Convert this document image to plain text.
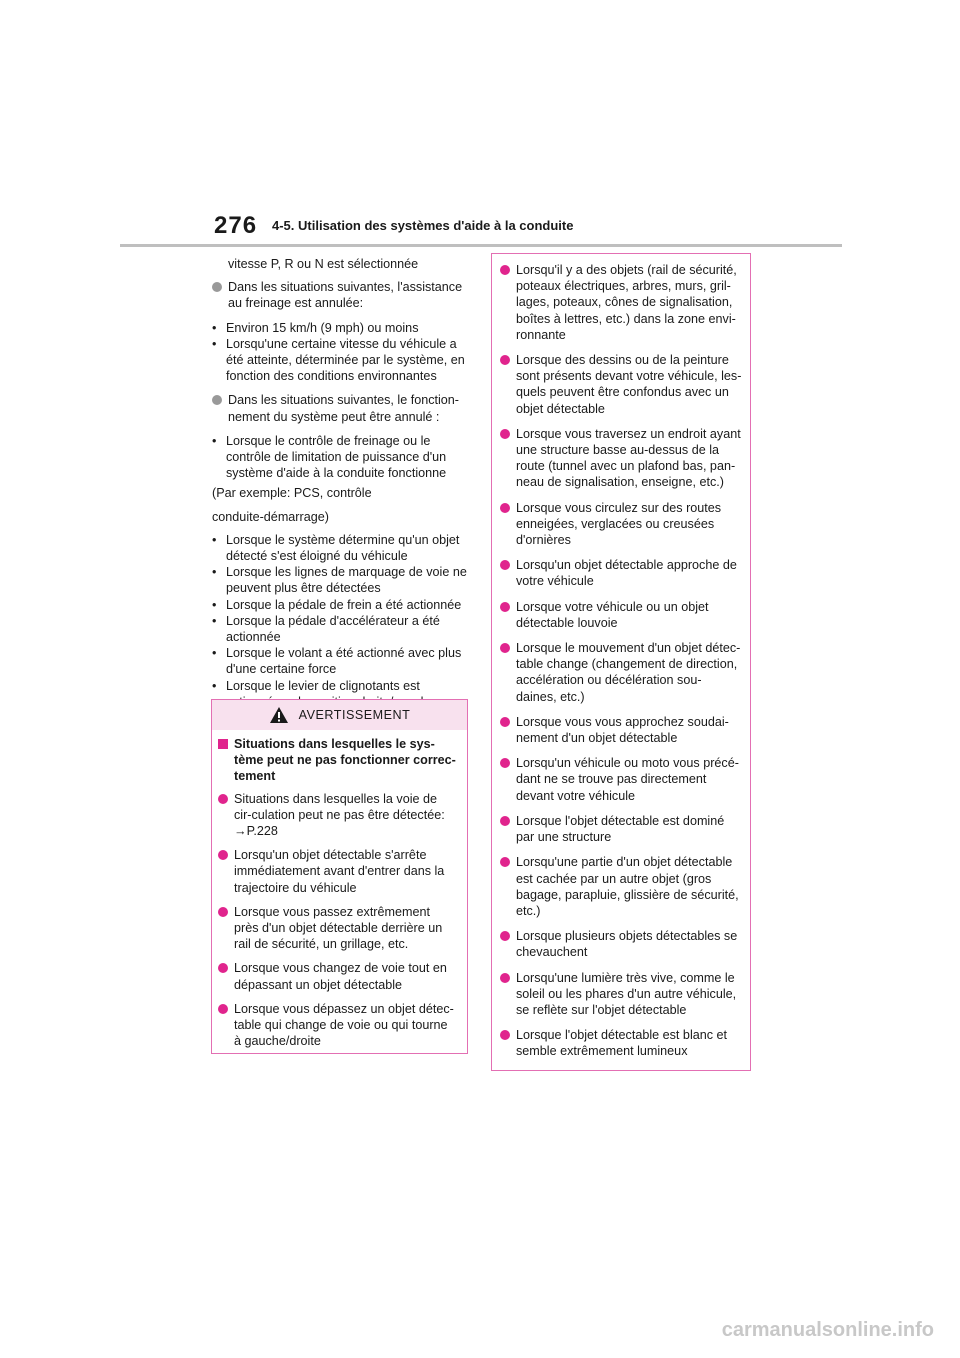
276 4-5. Utilisation des systèmes d'aide à la conduite

vitesse P, R ou N est sélectionnée

Dans les situations suivantes, l'assistance au freinage est annulée:
• Environ 15 km/h (9 mph) ou moins
• Lorsqu'une certaine vitesse du véhicule a été atteinte, déterminée par le système, en fonction des conditions environnantes
Dans les situations suivantes, le fonction-nement du système peut être annulé :
• Lorsque le contrôle de freinage ou le contrôle de limitation de puissance d'un système d'aide à la conduite fonctionne

(Par exemple: PCS, contrôle

conduite-démarrage)

• Lorsque le système détermine qu'un objet détecté s'est éloigné du véhicule
• Lorsque les lignes de marquage de voie ne peuvent plus être détectées
• Lorsque la pédale de frein a été actionnée
• Lorsque la pédale d'accélérateur a été actionnée
• Lorsque le volant a été actionné avec plus d'une certaine force
• Lorsque le levier de clignotants est
AVERTISSEMENT
Situations dans lesquelles le sys-tème peut ne pas fonctionner correc-tement
Situations dans lesquelles la voie de cir-culation peut ne pas être détectée:
→P.228
Lorsqu'un objet détectable s'arrête immédiatement avant d'entrer dans la trajectoire du véhicule
Lorsque vous passez extrêmement près d'un objet détectable derrière un rail de sécurité, un grillage, etc.
Lorsque vous changez de voie tout en dépassant un objet détectable
Lorsque vous dépassez un objet détec-table qui change de voie ou qui tourne à gauche/droite
Lorsqu'il y a des objets (rail de sécurité, poteaux électriques, arbres, murs, gril-lages, poteaux, cônes de signalisation, boîtes à lettres, etc.) dans la zone envi-ronnante
Lorsque des dessins ou de la peinture sont présents devant votre véhicule, les-quels peuvent être confondus avec un objet détectable
Lorsque vous traversez un endroit ayant une structure basse au-dessus de la route (tunnel avec un plafond bas, pan-neau de signalisation, enseigne, etc.)
Lorsque vous circulez sur des routes enneigées, verglacées ou creusées d'ornières
Lorsqu'un objet détectable approche de votre véhicule
Lorsque votre véhicule ou un objet détectable louvoie
Lorsque le mouvement d'un objet détec-table change (changement de direction, accélération ou décélération sou-daines, etc.)
Lorsque vous vous approchez soudai-nement d'un objet détectable
Lorsqu'un véhicule ou moto vous précé-dant ne se trouve pas directement devant votre véhicule
Lorsque l'objet détectable est dominé par une structure
Lorsqu'une partie d'un objet détectable est cachée par un autre objet (gros bagage, parapluie, glissière de sécurité, etc.)
Lorsque plusieurs objets détectables se chevauchent
Lorsqu'une lumière très vive, comme le soleil ou les phares d'un autre véhicule, se reflète sur l'objet détectable
Lorsque l'objet détectable est blanc et semble extrêmement lumineux
carmanualsonline.info
